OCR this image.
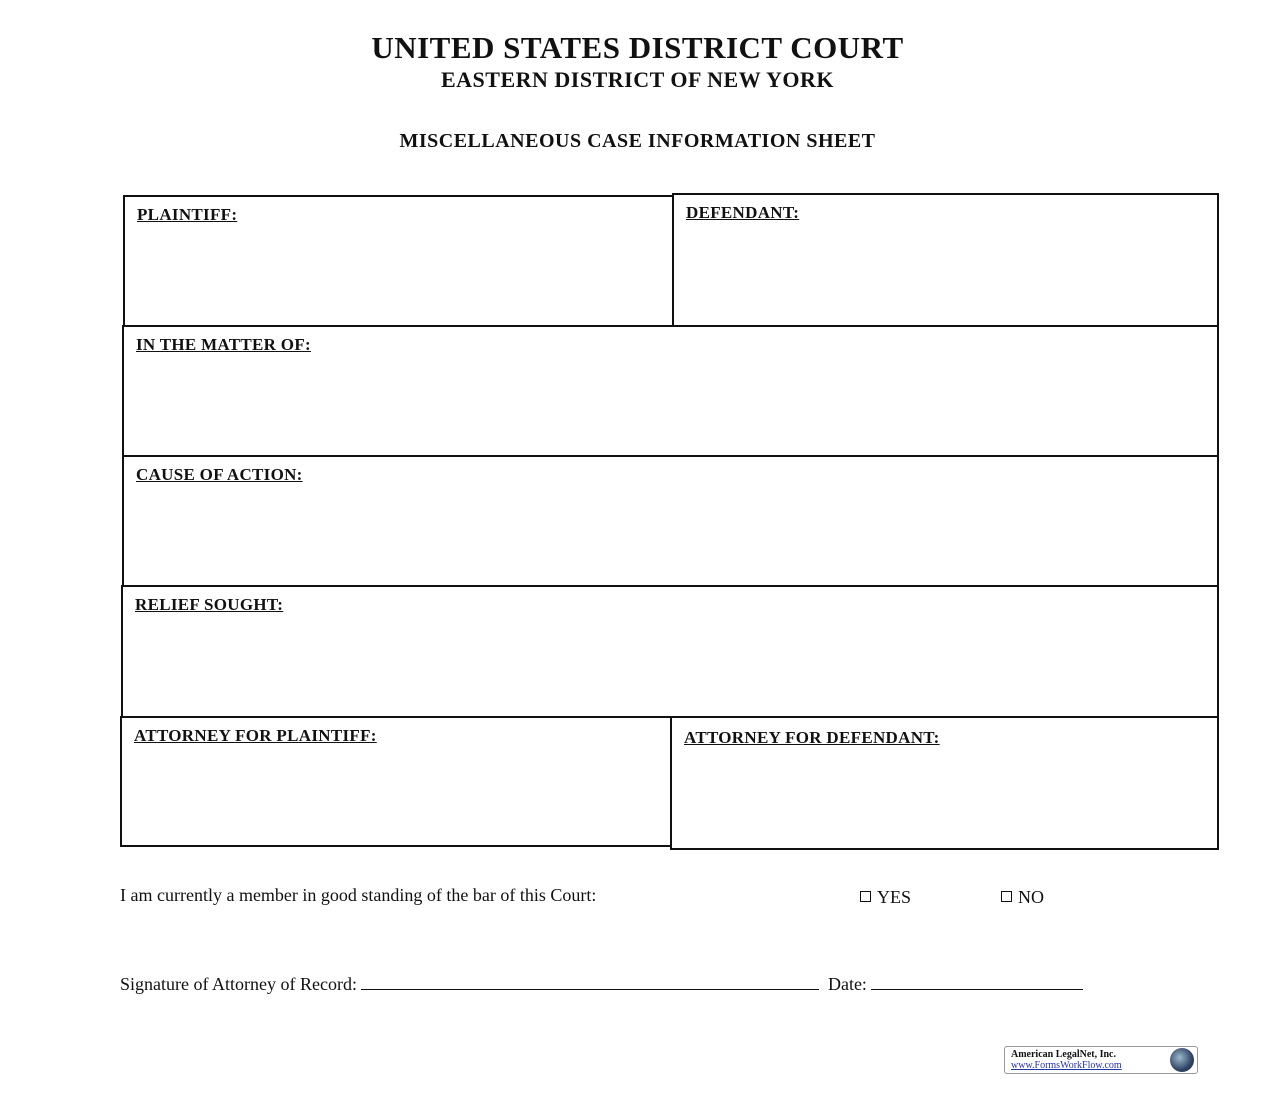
UNITED STATES DISTRICT COURT
EASTERN DISTRICT OF NEW YORK
MISCELLANEOUS CASE INFORMATION SHEET
PLAINTIFF:	DEFENDANT:
IN THE MATTER OF:
CAUSE OF ACTION:
RELIEF SOUGHT:
ATTORNEY FOR PLAINTIFF:	ATTORNEY FOR DEFENDANT:
I am currently a member in good standing of the bar of this Court:	YES	NO
Signature of Attorney of Record:	Date:
American LegalNet, Inc.
www.FormsWorkFlow.com
